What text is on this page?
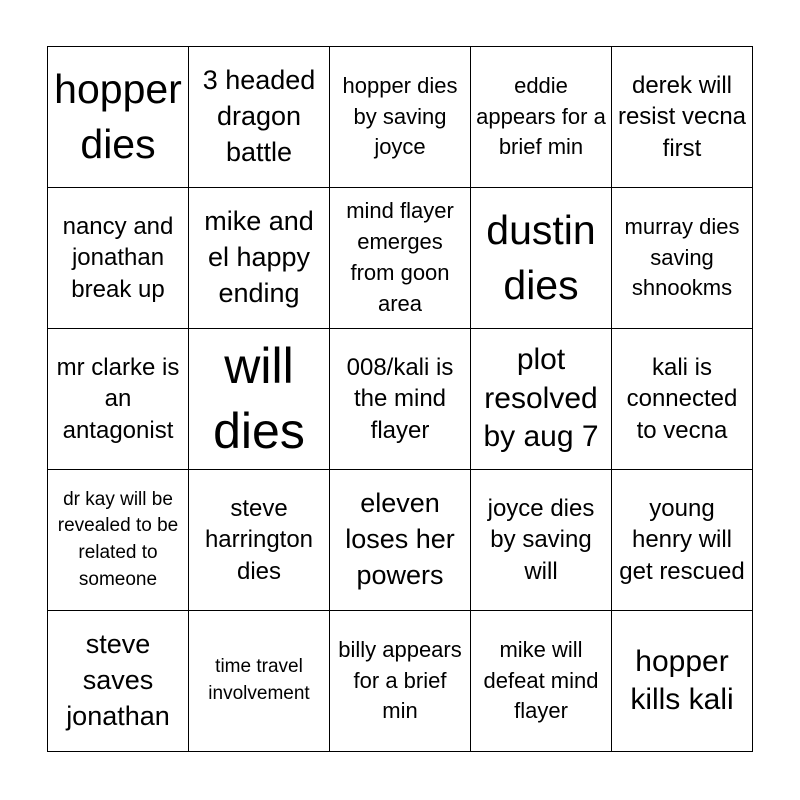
hopper dies
3 headed dragon battle
hopper dies by saving joyce
eddie appears for a brief min
derek will resist vecna first
nancy and jonathan break up
mike and el happy ending
mind flayer emerges from goon area
dustin dies
murray dies saving shnookms
mr clarke is an antagonist
will dies
008/kali is the mind flayer
plot resolved by aug 7
kali is connected to vecna
dr kay will be revealed to be related to someone
steve harrington dies
eleven loses her powers
joyce dies by saving will
young henry will get rescued
steve saves jonathan
time travel involvement
billy appears for a brief min
mike will defeat mind flayer
hopper kills kali
